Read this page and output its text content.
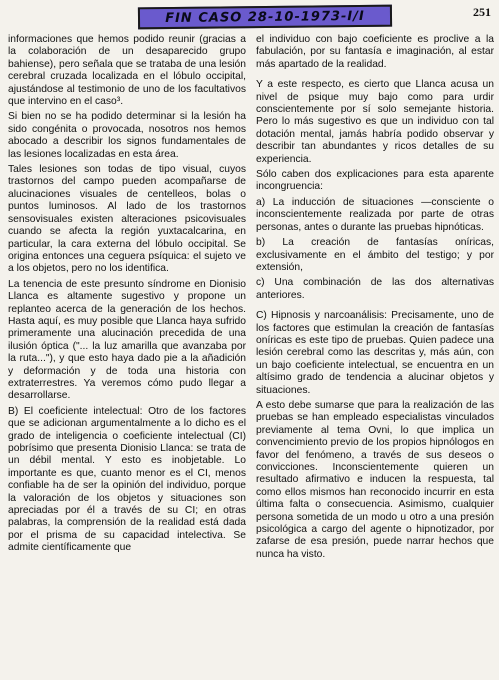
FIN CASO 28-10-1973-I/I	251

informaciones que hemos podido reunir (gracias a la colaboración de un desaparecido grupo bahiense), pero señala que se trataba de una lesión cerebral cruzada localizada en el lóbulo occipital, ajustándose al testimonio de uno de los facultativos que intervino en el caso³.

Si bien no se ha podido determinar si la lesión ha sido congénita o provocada, nosotros nos hemos abocado a describir los signos fundamentales de las lesiones localizadas en esta área.

Tales lesiones son todas de tipo visual, cuyos trastornos del campo pueden acompañarse de alucinaciones visuales de centelleos, bolas o puntos luminosos. Al lado de los trastornos sensovisuales existen alteraciones psicovisuales cuando se afecta la región yuxtacalcarina, en particular, la cara externa del lóbulo occipital. Se origina entonces una ceguera psíquica: el sujeto ve a los objetos, pero no los identifica.

La tenencia de este presunto síndrome en Dionisio Llanca es altamente sugestivo y propone un replanteo acerca de la generación de los hechos. Hasta aquí, es muy posible que Llanca haya sufrido primeramente una alucinación precedida de una ilusión óptica ("... la luz amarilla que avanzaba por la ruta..."), y que esto haya dado pie a la añadición y deformación y de toda una historia con extraterrestres. Ya veremos cómo pudo llegar a desarrollarse.

B) El coeficiente intelectual: Otro de los factores que se adicionan argumentalmente a lo dicho es el grado de inteligencia o coeficiente intelectual (CI) pobrísimo que presenta Dionisio Llanca: se trata de un débil mental. Y esto es inobjetable. Lo importante es que, cuanto menor es el CI, menos confiable ha de ser la opinión del individuo, porque la valoración de los objetos y situaciones son apreciadas por él a través de su CI; en otras palabras, la comprensión de la realidad está dada por el prisma de su capacidad intelectiva. Se admite científicamente que

el individuo con bajo coeficiente es proclive a la fabulación, por su fantasía e imaginación, al estar más apartado de la realidad.

Y a este respecto, es cierto que Llanca acusa un nivel de psique muy bajo como para urdir conscientemente por sí solo semejante historia. Pero lo más sugestivo es que un individuo con tal dotación mental, jamás habría podido observar y describir tan abundantes y ricos detalles de su experiencia.

Sólo caben dos explicaciones para esta aparente incongruencia:

a) La inducción de situaciones —consciente o inconscientemente realizada por parte de otras personas, antes o durante las pruebas hipnóticas.

b) La creación de fantasías oníricas, exclusivamente en el ámbito del testigo; y por extensión,

c) Una combinación de las dos alternativas anteriores.

C) Hipnosis y narcoanálisis: Precisamente, uno de los factores que estimulan la creación de fantasías oníricas es este tipo de pruebas. Quien padece una lesión cerebral como las descritas y, más aún, con un bajo coeficiente intelectual, se encuentra en un altísimo grado de tendencia a alucinar objetos y situaciones.

A esto debe sumarse que para la realización de las pruebas se han empleado especialistas vinculados previamente al tema Ovni, lo que implica un convencimiento previo de los propios hipnólogos en favor del fenómeno, a través de sus deseos o convicciones. Inconscientemente quieren un resultado afirmativo e inducen la respuesta, tal como ellos mismos han reconocido incurrir en esta última falta o consecuencia. Asimismo, cualquier persona sometida de un modo u otro a una presión psicológica a cargo del agente o hipnotizador, por zafarse de esa presión, puede narrar hechos que nunca ha visto.
